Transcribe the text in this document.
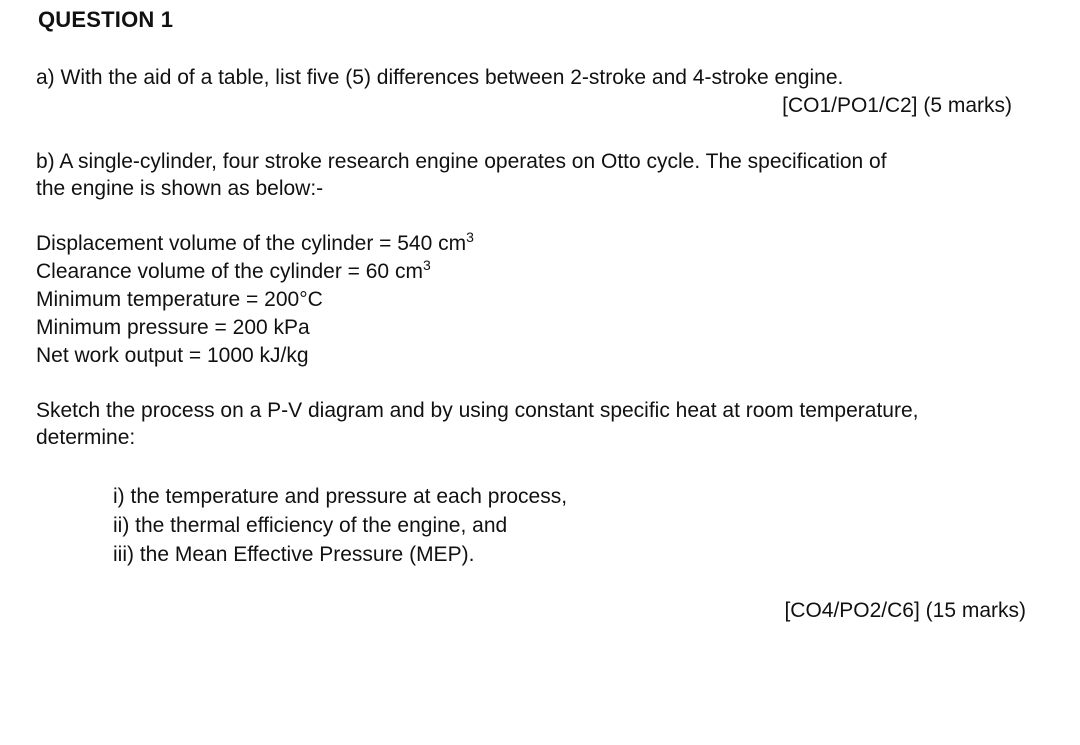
QUESTION 1

a) With the aid of a table, list five (5) differences between 2-stroke and 4-stroke engine.

[CO1/PO1/C2] (5 marks)

b) A single-cylinder, four stroke research engine operates on Otto cycle. The specification of
the engine is shown as below:-
Displacement volume of the cylinder = 540 $cm^3$
Clearance volume of the cylinder = 60 $cm^3$
Minimum temperature = 200°C
Minimum pressure = 200 kPa
Net work output = 1000 kJ/kg
Sketch the process on a P-V diagram and by using constant specific heat at room temperature,
determine:
i) the temperature and pressure at each process,
ii) the thermal efficiency of the engine, and
iii) the Mean Effective Pressure (MEP).

[CO4/PO2/C6] (15 marks)
